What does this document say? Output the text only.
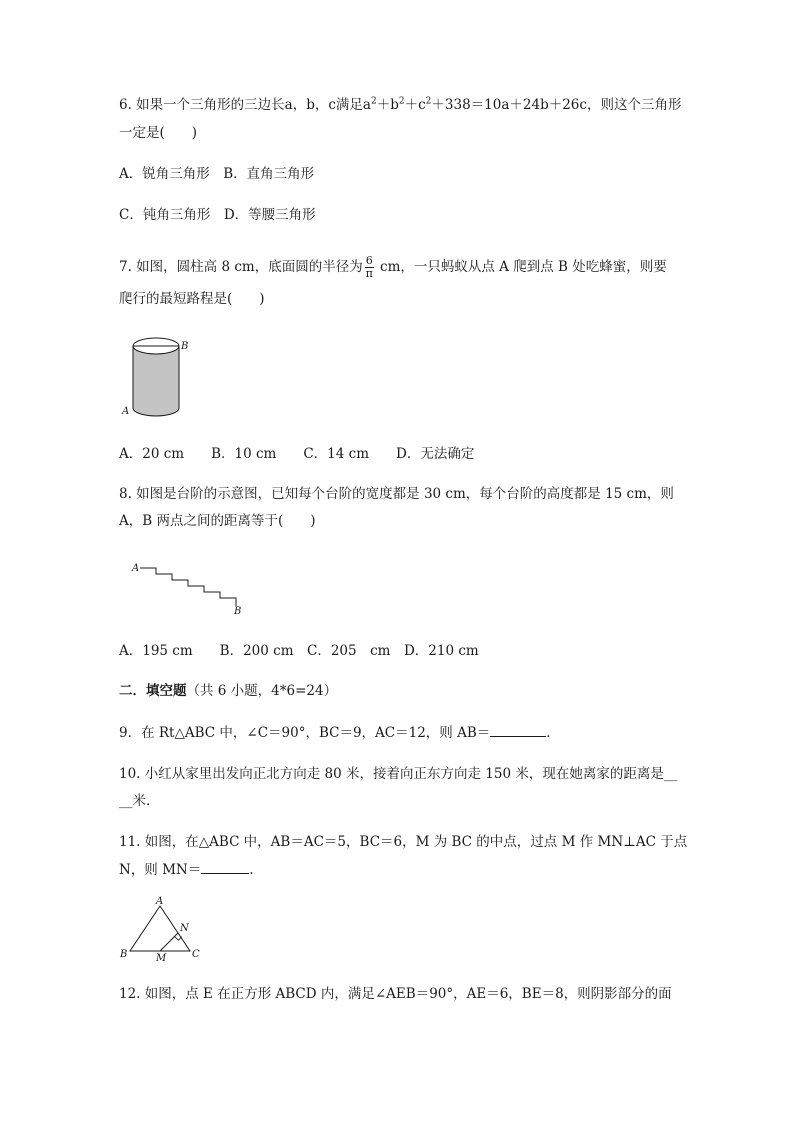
6. 如果一个三角形的三边长a，b，c满足$a^2+b^2+c^2+338=10a+24b+26c$，则这个三角形
一定是(　　)
A．锐角三角形　B．直角三角形
C．钝角三角形　D．等腰三角形
7. 如图，圆柱高 8 cm，底面圆的半径为 $\frac{6}{\pi}$ cm，一只蚂蚁从点 A 爬到点 B 处吃蜂蜜，则要
爬行的最短路程是(　　)
B
A
A．20 cm　　B．10 cm　　C．14 cm　　D．无法确定
8. 如图是台阶的示意图，已知每个台阶的宽度都是 30 cm，每个台阶的高度都是 15 cm，则
A，B 两点之间的距离等于(　　)
A
B
A．195 cm　　B．200 cm　C．205　cm　D．210 cm
二．填空题（共 6 小题，4*6=24）
9．在 Rt△ABC 中，∠C＝90°，BC＝9，AC＝12，则 AB＝	．
10. 小红从家里出发向正北方向走 80 米，接着向正东方向走 150 米，现在她离家的距离是__
__米．
11. 如图，在△ABC 中，AB＝AC＝5，BC＝6，M 为 BC 的中点，过点 M 作 MN⊥AC 于点
N，则 MN＝	.
A
N
B	M	C
12. 如图，点 E 在正方形 ABCD 内，满足∠AEB＝90°，AE＝6，BE＝8，则阴影部分的面
